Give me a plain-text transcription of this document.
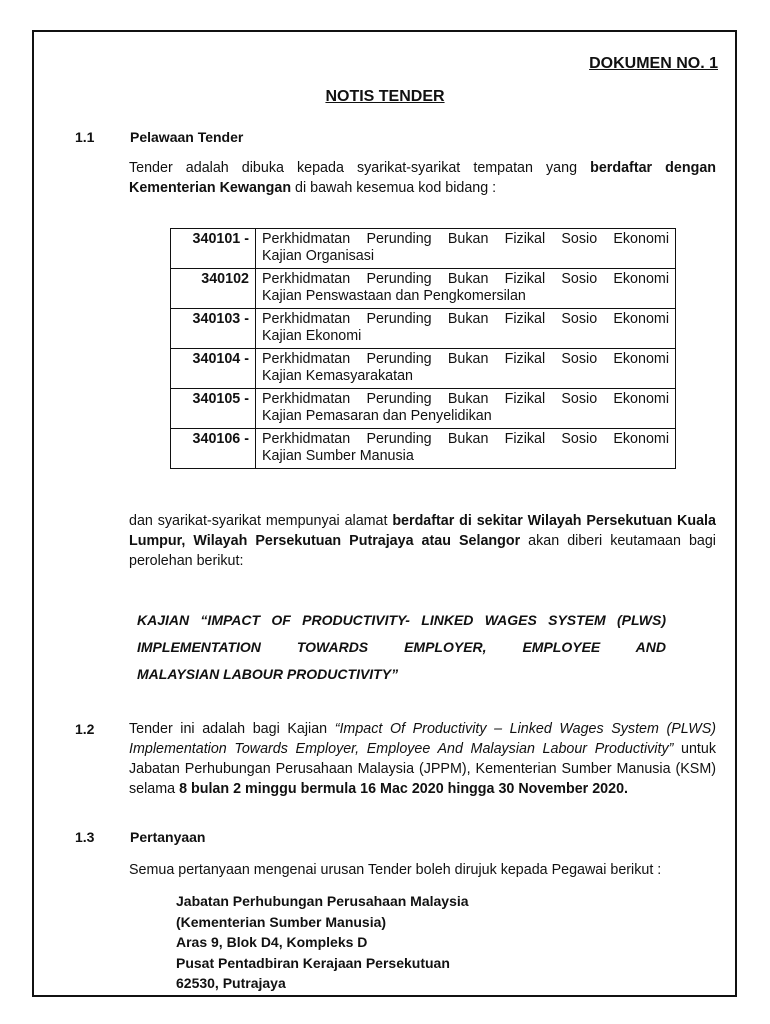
DOKUMEN NO. 1
NOTIS TENDER
1.1	Pelawaan Tender
Tender adalah dibuka kepada syarikat-syarikat tempatan yang berdaftar dengan Kementerian Kewangan di bawah kesemua kod bidang :
340101 -	Perkhidmatan Perunding Bukan Fizikal Sosio Ekonomi
Kajian Organisasi

340102	Perkhidmatan Perunding Bukan Fizikal Sosio Ekonomi
Kajian Penswastaan dan Pengkomersilan

340103 -	Perkhidmatan Perunding Bukan Fizikal Sosio Ekonomi
Kajian Ekonomi

340104 -	Perkhidmatan Perunding Bukan Fizikal Sosio Ekonomi
Kajian Kemasyarakatan

340105 -	Perkhidmatan Perunding Bukan Fizikal Sosio Ekonomi
Kajian Pemasaran dan Penyelidikan

340106 -	Perkhidmatan Perunding Bukan Fizikal Sosio Ekonomi
Kajian Sumber Manusia
dan syarikat-syarikat mempunyai alamat berdaftar di sekitar Wilayah Persekutuan Kuala Lumpur, Wilayah Persekutuan Putrajaya atau Selangor akan diberi keutamaan bagi perolehan berikut:
KAJIAN “IMPACT OF PRODUCTIVITY- LINKED WAGES SYSTEM (PLWS)
IMPLEMENTATION TOWARDS EMPLOYER, EMPLOYEE AND
MALAYSIAN LABOUR PRODUCTIVITY”
1.2 Tender ini adalah bagi Kajian “Impact Of Productivity – Linked Wages System (PLWS) Implementation Towards Employer, Employee And Malaysian Labour Productivity” untuk Jabatan Perhubungan Perusahaan Malaysia (JPPM), Kementerian Sumber Manusia (KSM) selama 8 bulan 2 minggu bermula 16 Mac 2020 hingga 30 November 2020.
1.3	Pertanyaan
Semua pertanyaan mengenai urusan Tender boleh dirujuk kepada Pegawai berikut :
Jabatan Perhubungan Perusahaan Malaysia
(Kementerian Sumber Manusia)
Aras 9, Blok D4, Kompleks D
Pusat Pentadbiran Kerajaan Persekutuan
62530, Putrajaya
